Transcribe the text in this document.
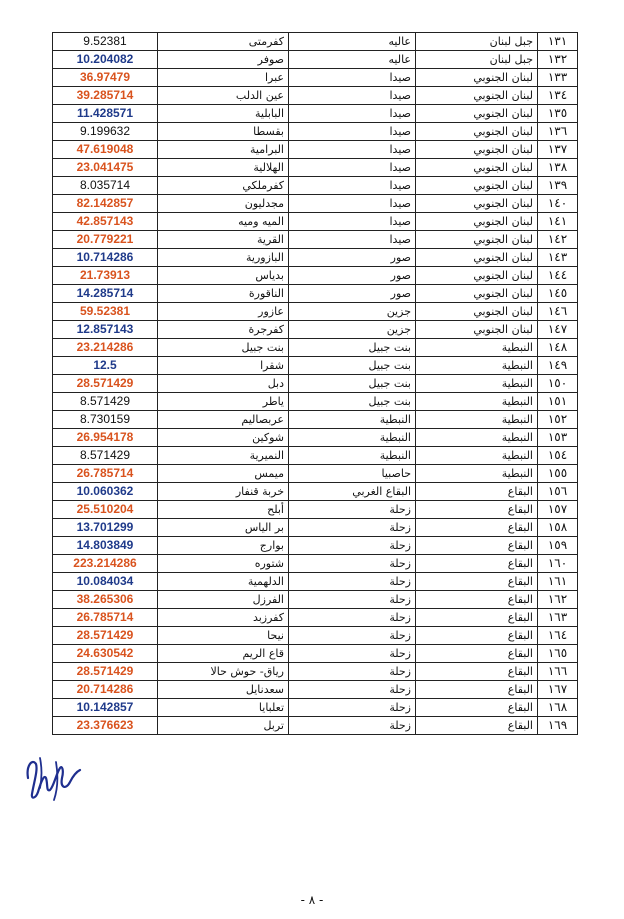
9.52381	كفرمتى	عاليه	جبل لبنان	١٣١
10.204082	صوفر	عاليه	جبل لبنان	١٣٢
36.97479	عبرا	صيدا	لبنان الجنوبي	١٣٣
39.285714	عين الدلب	صيدا	لبنان الجنوبي	١٣٤
11.428571	البابلية	صيدا	لبنان الجنوبي	١٣٥
9.199632	بقسطا	صيدا	لبنان الجنوبي	١٣٦
47.619048	البرامية	صيدا	لبنان الجنوبي	١٣٧
23.041475	الهلالية	صيدا	لبنان الجنوبي	١٣٨
8.035714	كفرملكي	صيدا	لبنان الجنوبي	١٣٩
82.142857	مجدليون	صيدا	لبنان الجنوبي	١٤٠
42.857143	الميه وميه	صيدا	لبنان الجنوبي	١٤١
20.779221	القرية	صيدا	لبنان الجنوبي	١٤٢
10.714286	البازورية	صور	لبنان الجنوبي	١٤٣
21.73913	بدياس	صور	لبنان الجنوبي	١٤٤
14.285714	الناقورة	صور	لبنان الجنوبي	١٤٥
59.52381	عازور	جزين	لبنان الجنوبي	١٤٦
12.857143	كفرجرة	جزين	لبنان الجنوبي	١٤٧
23.214286	بنت جبيل	بنت جبيل	النبطية	١٤٨
12.5	شقرا	بنت جبيل	النبطية	١٤٩
28.571429	دبل	بنت جبيل	النبطية	١٥٠
8.571429	ياطر	بنت جبيل	النبطية	١٥١
8.730159	عربصاليم	النبطية	النبطية	١٥٢
26.954178	شوكين	النبطية	النبطية	١٥٣
8.571429	النميرية	النبطية	النبطية	١٥٤
26.785714	ميمس	حاصبيا	النبطية	١٥٥
10.060362	خربة قنفار	البقاع الغربي	البقاع	١٥٦
25.510204	أبلح	زحلة	البقاع	١٥٧
13.701299	بر الياس	زحلة	البقاع	١٥٨
14.803849	بوارج	زحلة	البقاع	١٥٩
223.214286	شتوره	زحلة	البقاع	١٦٠
10.084034	الدلهمية	زحلة	البقاع	١٦١
38.265306	الفرزل	زحلة	البقاع	١٦٢
26.785714	كفرزبد	زحلة	البقاع	١٦٣
28.571429	نيحا	زحلة	البقاع	١٦٤
24.630542	قاع الريم	زحلة	البقاع	١٦٥
28.571429	رياق- حوش حالا	زحلة	البقاع	١٦٦
20.714286	سعدنايل	زحلة	البقاع	١٦٧
10.142857	تعلبايا	زحلة	البقاع	١٦٨
23.376623	تربل	زحلة	البقاع	١٦٩
- ٨ -
